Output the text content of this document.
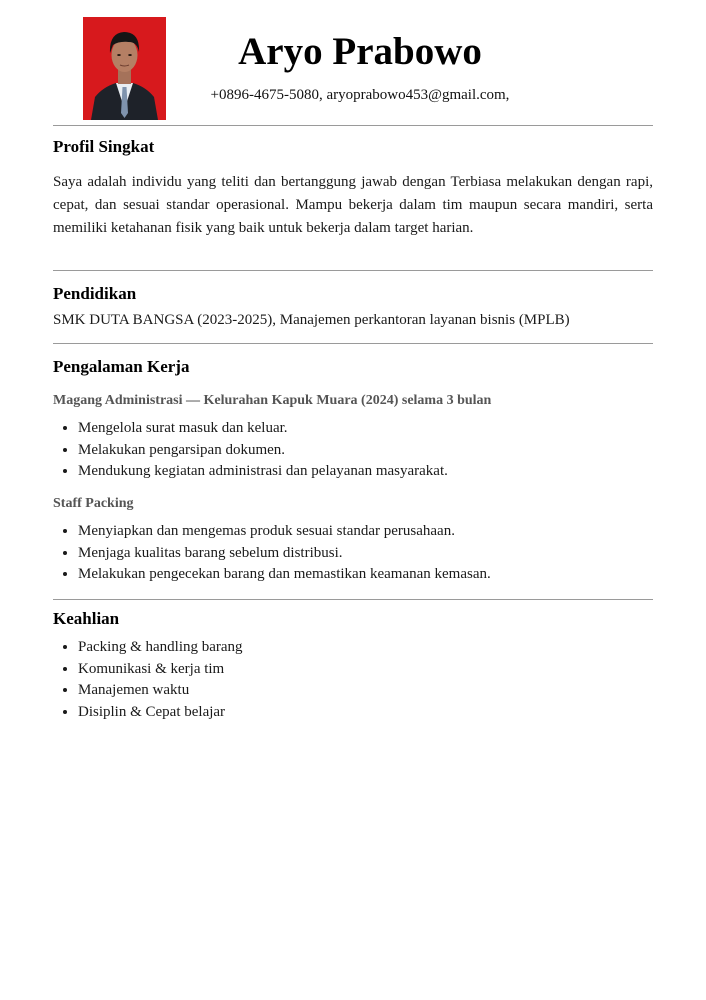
Aryo Prabowo
+0896-4675-5080, aryoprabowo453@gmail.com,
Profil Singkat

Saya adalah individu yang teliti dan bertanggung jawab dengan Terbiasa melakukan dengan rapi, cepat, dan sesuai standar operasional. Mampu bekerja dalam tim maupun secara mandiri, serta memiliki ketahanan fisik yang baik untuk bekerja dalam target harian.

Pendidikan
SMK DUTA BANGSA (2023-2025), Manajemen perkantoran layanan bisnis (MPLB)
Pengalaman Kerja
Magang Administrasi — Kelurahan Kapuk Muara (2024) selama 3 bulan
• Mengelola surat masuk dan keluar.
• Melakukan pengarsipan dokumen.
• Mendukung kegiatan administrasi dan pelayanan masyarakat.
Staff Packing
• Menyiapkan dan mengemas produk sesuai standar perusahaan.
• Menjaga kualitas barang sebelum distribusi.
• Melakukan pengecekan barang dan memastikan keamanan kemasan.
Keahlian
• Packing & handling barang
• Komunikasi & kerja tim
• Manajemen waktu
• Disiplin & Cepat belajar
